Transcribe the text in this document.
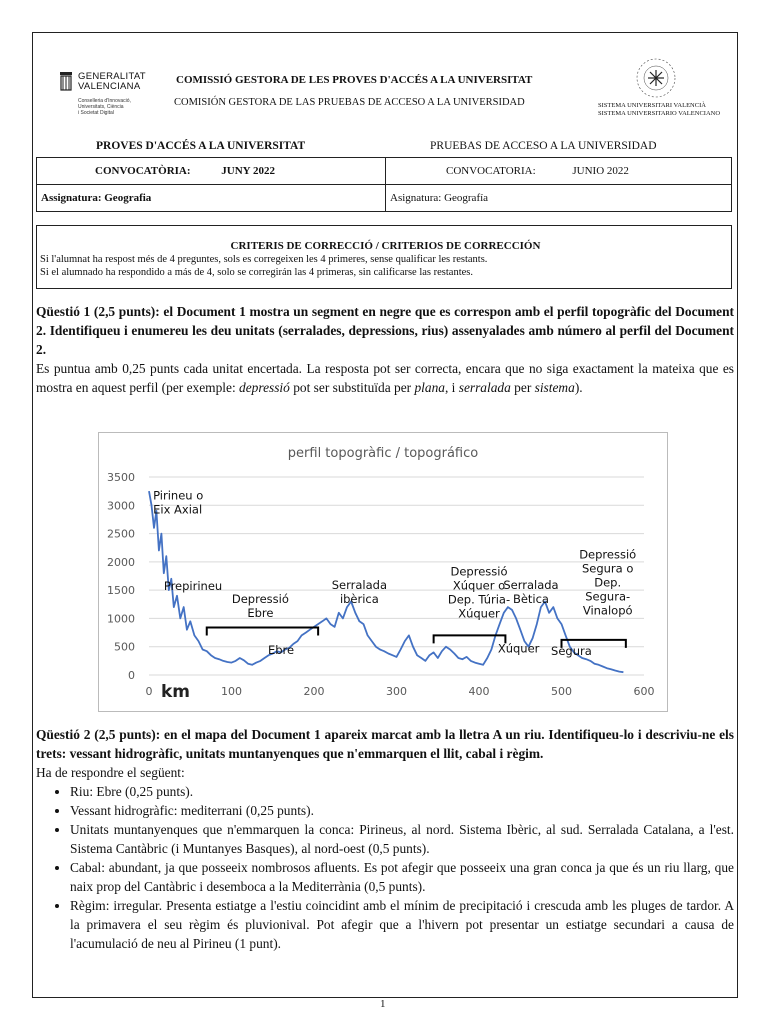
GENERALITAT
VALENCIANA
Conselleria d'Innovació,
Universitats, Ciència
i Societat Digital
COMISSIÓ GESTORA DE LES PROVES D'ACCÉS A LA UNIVERSITAT
COMISIÓN GESTORA DE LAS PRUEBAS DE ACCESO A LA UNIVERSIDAD	SISTEMA UNIVERSITARI VALENCIÀ
SISTEMA UNIVERSITARIO VALENCIANO
PROVES D'ACCÉS A LA UNIVERSITAT	PRUEBAS DE ACCESO A LA UNIVERSIDAD
CONVOCATÒRIA: JUNY 2022	CONVOCATORIA: JUNIO 2022
Assignatura: Geografia	Asignatura: Geografía
CRITERIS DE CORRECCIÓ / CRITERIOS DE CORRECCIÓN
Si l'alumnat ha respost més de 4 preguntes, sols es corregeixen les 4 primeres, sense qualificar les restants.
Si el alumnado ha respondido a más de 4, solo se corregirán las 4 primeras, sin calificarse las restantes.
Qüestió 1 (2,5 punts): el Document 1 mostra un segment en negre que es correspon amb el perfil topogràfic del Document 2. Identifiqueu i enumereu les deu unitats (serralades, depressions, rius) assenyalades amb número al perfil del Document 2.
Es puntua amb 0,25 punts cada unitat encertada. La resposta pot ser correcta, encara que no siga exactament la mateixa que es mostra en aquest perfil (per exemple: depressió pot ser substituïda per plana, i serralada per sistema).
perfil topogràfic / topográfico
0
500
1000
1500
2000
2500
3000
3500
0	100	200	300	400	500	600
km
Pirineu o
Eix Axial
Prepirineu
Depressió
Ebre
Ebre
Serralada
ibèrica
Depressió
Xúquer o
Dep. Túria-
Xúquer
Xúquer
Serralada
Bètica
Depressió
Segura o
Dep.
Segura-
Vinalopó
Segura
Qüestió 2 (2,5 punts): en el mapa del Document 1 apareix marcat amb la lletra A un riu. Identifiqueu-lo i descriviu-ne els trets: vessant hidrogràfic, unitats muntanyenques que n'emmarquen el llit, cabal i règim.
Ha de respondre el següent:
• Riu: Ebre (0,25 punts).
• Vessant hidrogràfic: mediterrani (0,25 punts).
• Unitats muntanyenques que n'emmarquen la conca: Pirineus, al nord. Sistema Ibèric, al sud. Serralada Catalana, a l'est. Sistema Cantàbric (i Muntanyes Basques), al nord-oest (0,5 punts).
• Cabal: abundant, ja que posseeix nombrosos afluents. Es pot afegir que posseeix una gran conca ja que és un riu llarg, que naix prop del Cantàbric i desemboca a la Mediterrània (0,5 punts).
• Règim: irregular. Presenta estiatge a l'estiu coincidint amb el mínim de precipitació i crescuda amb les pluges de tardor. A la primavera el seu règim és pluvionival. Pot afegir que a l'hivern pot presentar un estiatge secundari a causa de l'acumulació de neu al Pirineu (1 punt).
1
